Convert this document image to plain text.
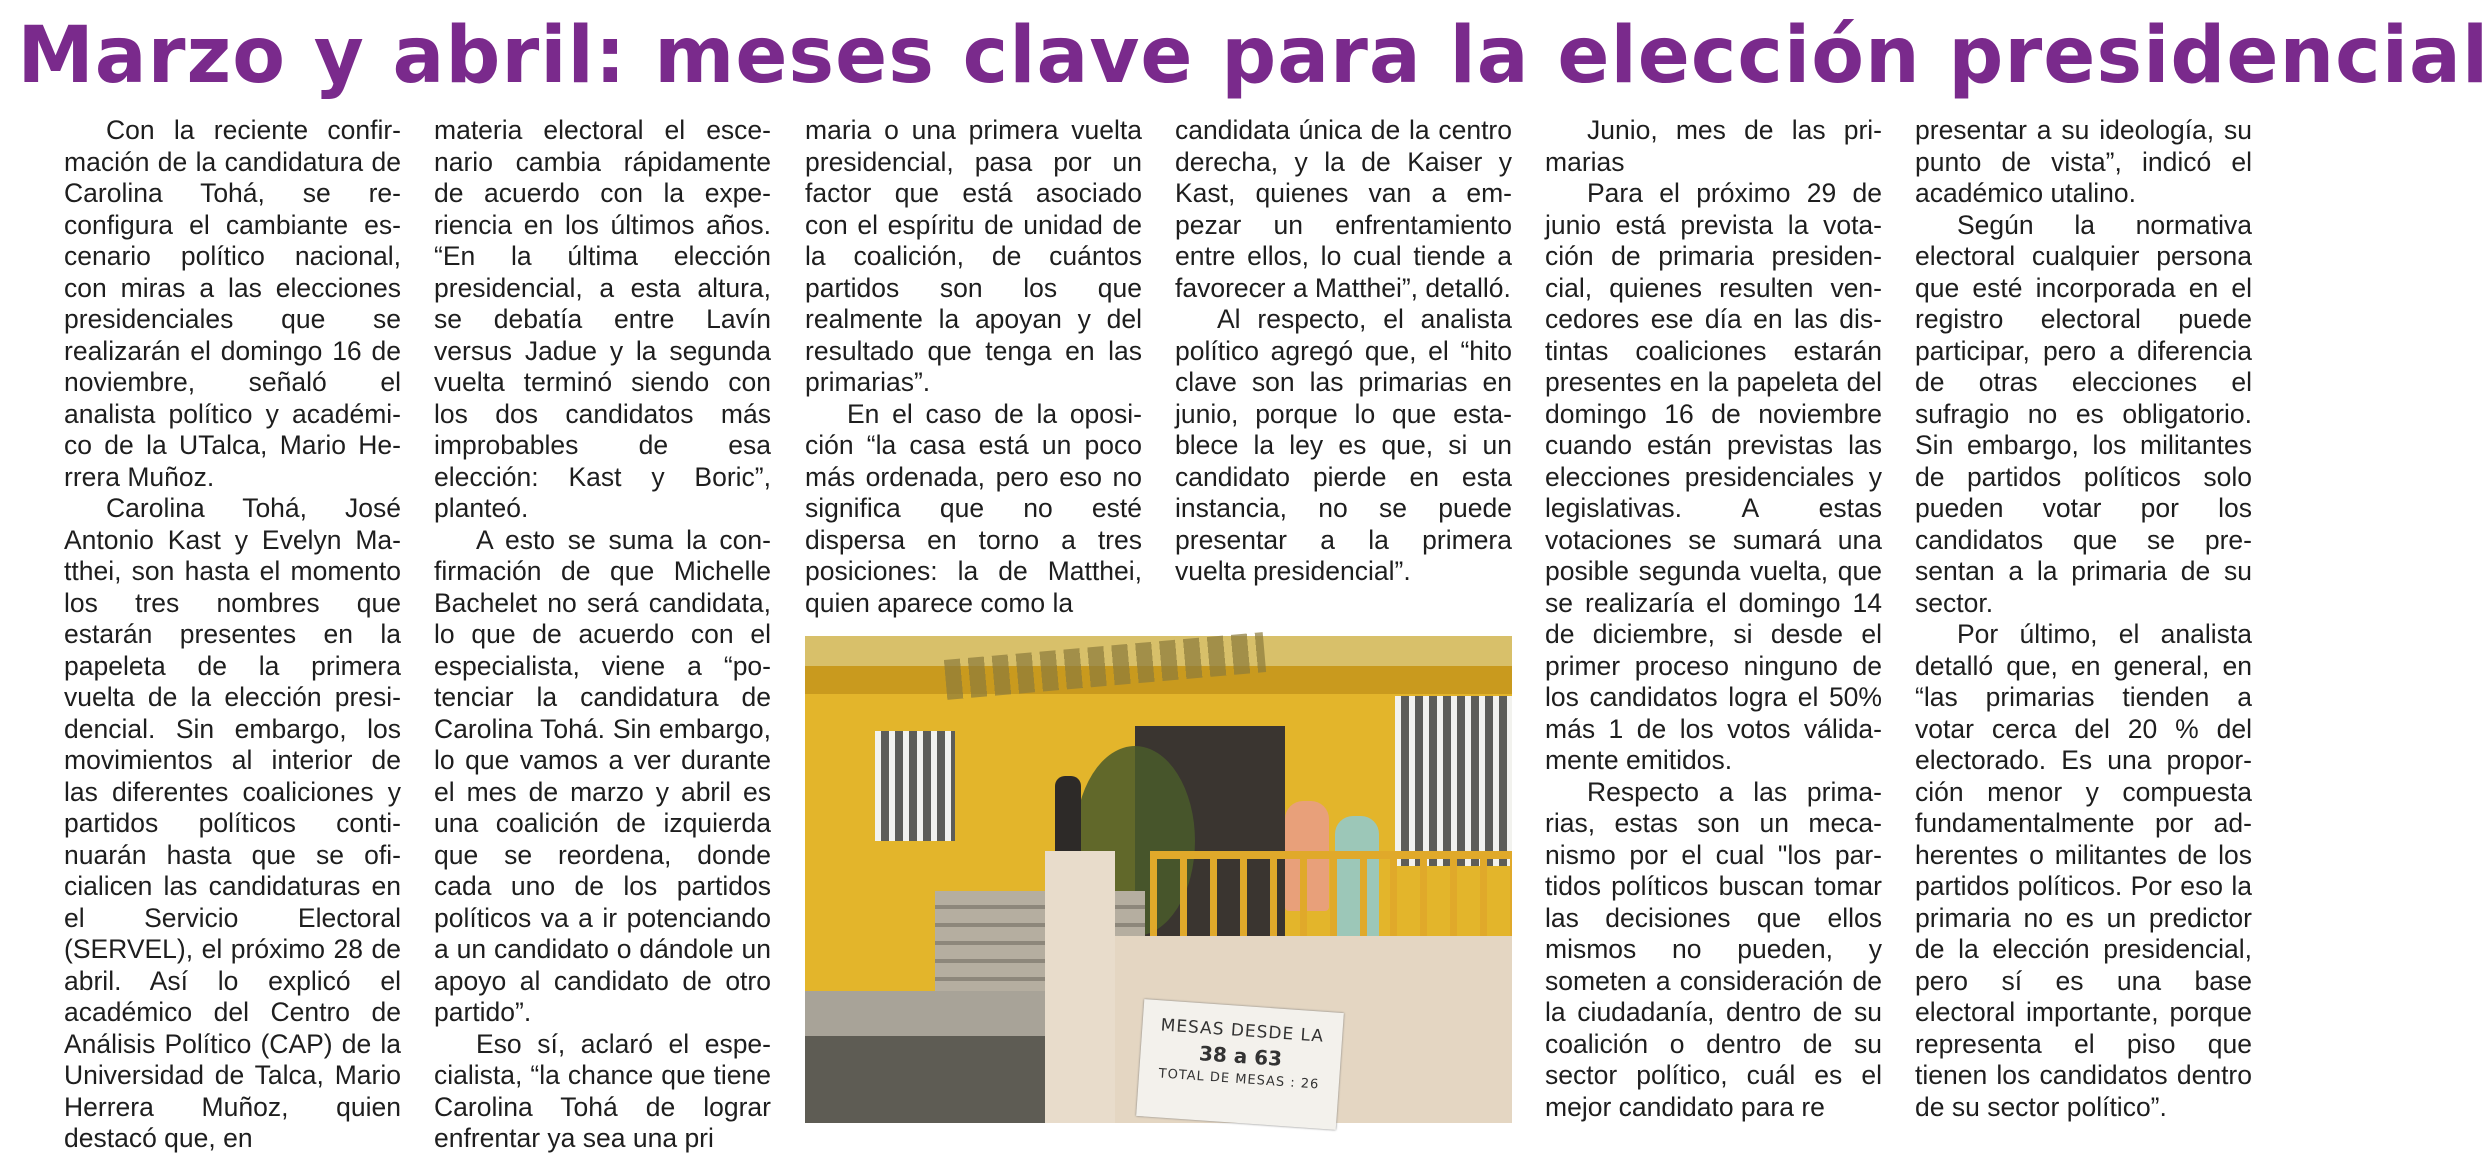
Marzo y abril: meses clave para la elección presidencial

Con la reciente confirmación de la candidatura de Carolina Tohá, se reconfigura el cambiante escenario político nacional, con miras a las elecciones presidenciales que se realizarán el domingo 16 de noviembre, señaló el analista político y académico de la UTalca, Mario Herrera Muñoz.

Carolina Tohá, José Antonio Kast y Evelyn Matthei, son hasta el momento los tres nombres que estarán presentes en la papeleta de la primera vuelta de la elección presidencial. Sin embargo, los movimientos al interior de las diferentes coaliciones y partidos políticos continuarán hasta que se oficialicen las candidaturas en el Servicio Electoral (SERVEL), el próximo 28 de abril. Así lo explicó el académico del Centro de Análisis Político (CAP) de la Universidad de Talca, Mario Herrera Muñoz, quien destacó que, en

materia electoral el escenario cambia rápidamente de acuerdo con la experiencia en los últimos años. “En la última elección presidencial, a esta altura, se debatía entre Lavín versus Jadue y la segunda vuelta terminó siendo con los dos candidatos más improbables de esa elección: Kast y Boric”, planteó.

A esto se suma la confirmación de que Michelle Bachelet no será candidata, lo que de acuerdo con el especialista, viene a “potenciar la candidatura de Carolina Tohá. Sin embargo, lo que vamos a ver durante el mes de marzo y abril es una coalición de izquierda que se reordena, donde cada uno de los partidos políticos va a ir potenciando a un candidato o dándole un apoyo al candidato de otro partido”.

Eso sí, aclaró el especialista, “la chance que tiene Carolina Tohá de lograr enfrentar ya sea una pri

maria o una primera vuelta presidencial, pasa por un factor que está asociado con el espíritu de unidad de la coalición, de cuántos partidos son los que realmente la apoyan y del resultado que tenga en las primarias”.

En el caso de la oposición “la casa está un poco más ordenada, pero eso no significa que no esté dispersa en torno a tres posiciones: la de Matthei, quien aparece como la

candidata única de la centro derecha, y la de Kaiser y Kast, quienes van a empezar un enfrentamiento entre ellos, lo cual tiende a favorecer a Matthei”, detalló.

Al respecto, el analista político agregó que, el “hito clave son las primarias en junio, porque lo que establece la ley es que, si un candidato pierde en esta instancia, no se puede presentar a la primera vuelta presidencial”.

Junio, mes de las primarias

Para el próximo 29 de junio está prevista la votación de primaria presidencial, quienes resulten vencedores ese día en las distintas coaliciones estarán presentes en la papeleta del domingo 16 de noviembre cuando están previstas las elecciones presidenciales y legislativas. A estas votaciones se sumará una posible segunda vuelta, que se realizaría el domingo 14 de diciembre, si desde el primer proceso ninguno de los candidatos logra el 50% más 1 de los votos válidamente emitidos.

Respecto a las primarias, estas son un mecanismo por el cual "los partidos políticos buscan tomar las decisiones que ellos mismos no pueden, y someten a consideración de la ciudadanía, dentro de su coalición o dentro de su sector político, cuál es el mejor candidato para re

presentar a su ideología, su punto de vista”, indicó el académico utalino.

Según la normativa electoral cualquier persona que esté incorporada en el registro electoral puede participar, pero a diferencia de otras elecciones el sufragio no es obligatorio. Sin embargo, los militantes de partidos políticos solo pueden votar por los candidatos que se presentan a la primaria de su sector.

Por último, el analista detalló que, en general, en “las primarias tienden a votar cerca del 20 % del electorado. Es una proporción menor y compuesta fundamentalmente por adherentes o militantes de los partidos políticos. Por eso la primaria no es un predictor de la elección presidencial, pero sí es una base electoral importante, porque representa el piso que tienen los candidatos dentro de su sector político”.

MESAS DESDE LA
38 a 63
TOTAL DE MESAS : 26
